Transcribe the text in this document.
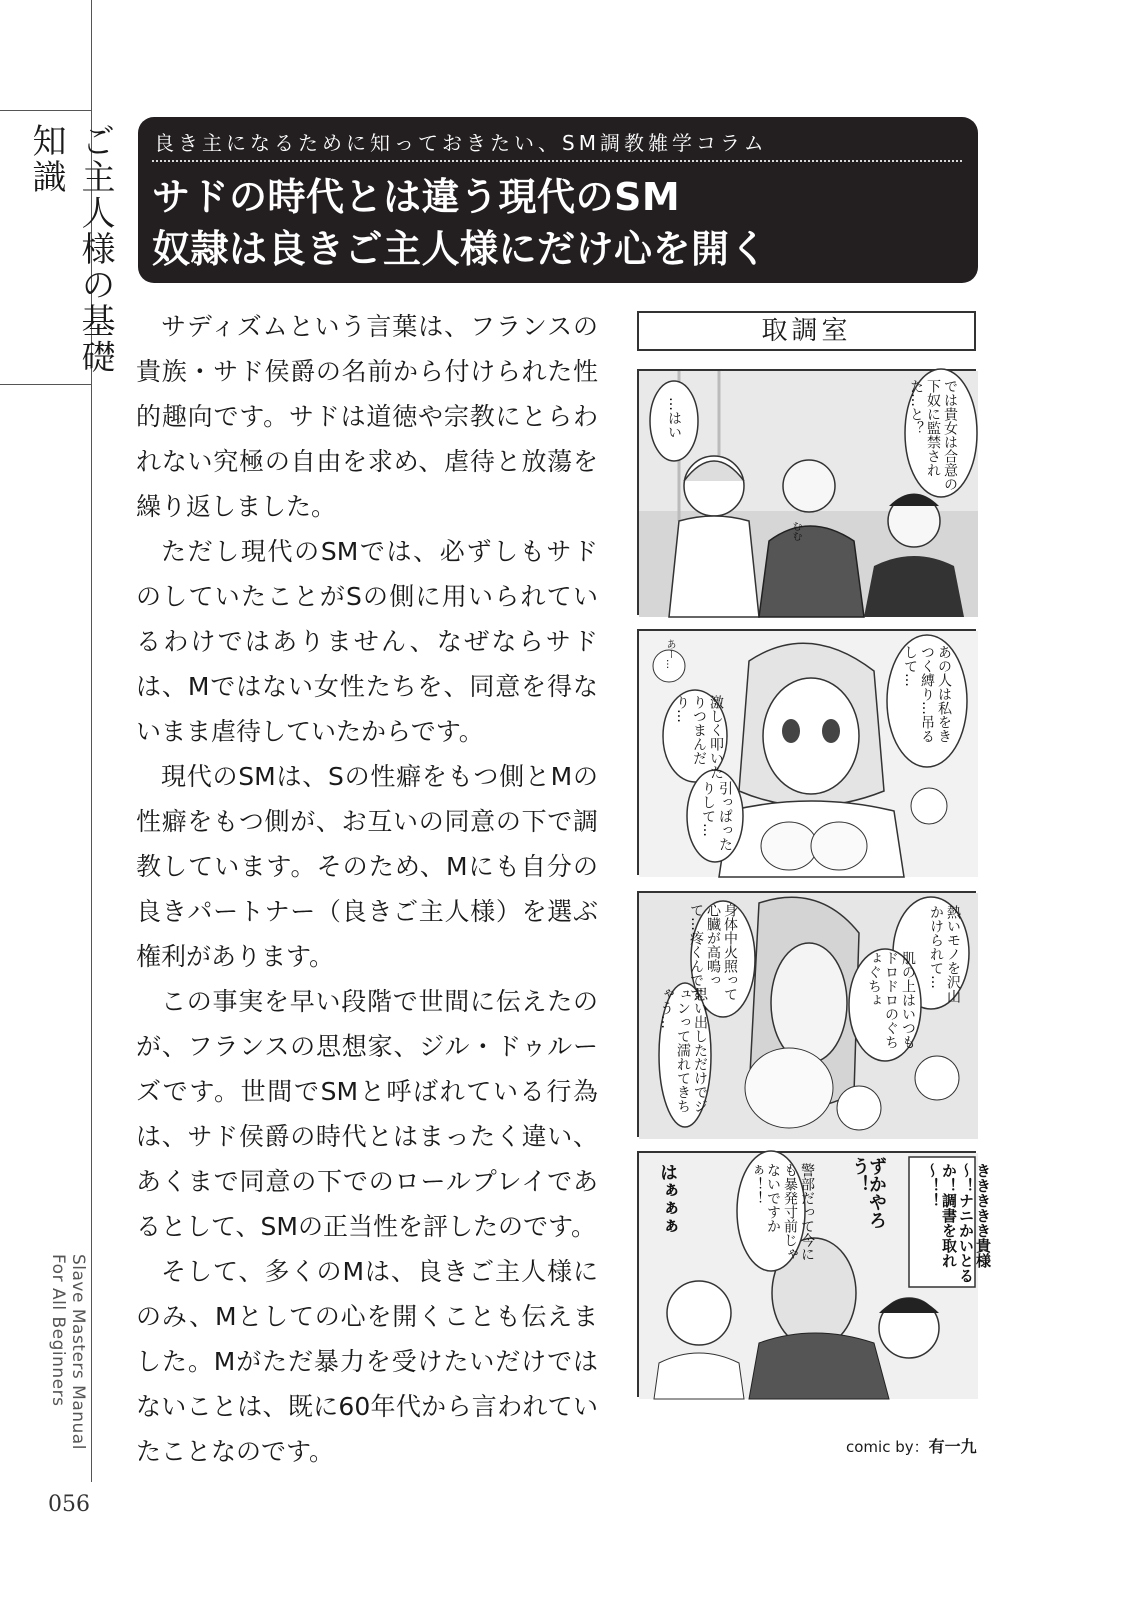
ご主人様の基礎知識
Slave Masters Manual
For All Beginners
056
良き主になるために知っておきたい、SM調教雑学コラム
サドの時代とは違う現代のSM
奴隷は良きご主人様にだけ心を開く

サディズムという言葉は、フランスの貴族・サド侯爵の名前から付けられた性的趣向です。サドは道徳や宗教にとらわれない究極の自由を求め、虐待と放蕩を繰り返しました。

ただし現代のSMでは、必ずしもサドのしていたことがSの側に用いられているわけではありません、なぜならサドは、Mではない女性たちを、同意を得ないまま虐待していたからです。

現代のSMは、Sの性癖をもつ側とMの性癖をもつ側が、お互いの同意の下で調教しています。そのため、Mにも自分の良きパートナー（良きご主人様）を選ぶ権利があります。

この事実を早い段階で世間に伝えたのが、フランスの思想家、ジル・ドゥルーズです。世間でSMと呼ばれている行為は、サド侯爵の時代とはまったく違い、あくまで同意の下でのロールプレイであるとして、SMの正当性を評したのです。

そして、多くのMは、良きご主人様にのみ、Mとしての心を開くことも伝えました。Mがただ暴力を受けたいだけではないことは、既に60年代から言われていたことなのです。

取調室
…はい	では貴女は合意の下奴に監禁された…と？
むむ
あの人は私をきつく縛り…吊るして…
激しく叩いたりつまんだり…
引っぱったりして…
あー…
熱いモノを沢山かけられて…
肌の上はいつもドロドロのぐちょぐちょ
身体中火照って心臓が高鳴って…疼くんです
思い出しただけでジュンって濡れてきちゃう…
ききききき貴様～！ナニかいとるか！調書を取れ～！！
警部だって今にも暴発寸前じゃないですかぁ！！	ずかやろう！
はぁぁぁ
comic by：有一九
